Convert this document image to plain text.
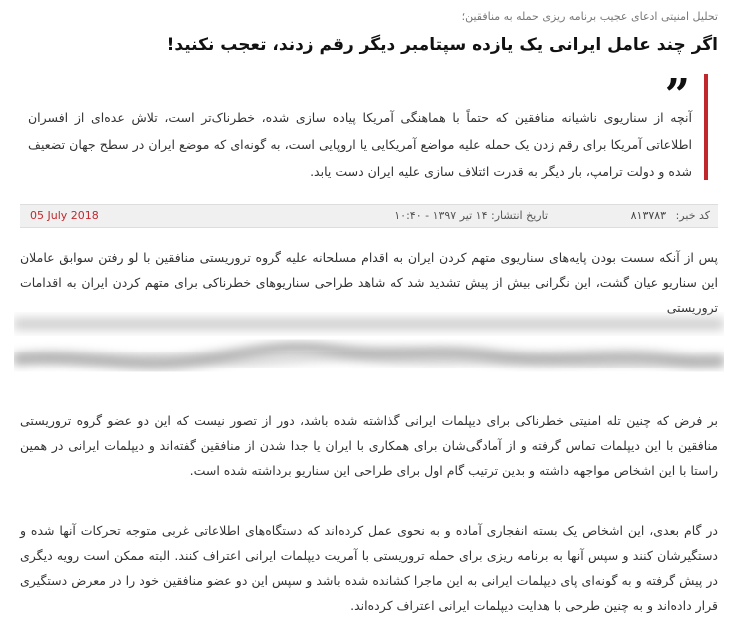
تحلیل امنیتی ادعای عجیب برنامه ریزی حمله به منافقین؛
اگر چند عامل ایرانی یک یازده سپتامبر دیگر رقم زدند، تعجب نکنید!
”
آنچه از سناریوی ناشیانه منافقین که حتماً با هماهنگی آمریکا پیاده سازی شده، خطرناک‌تر است، تلاش عده‌ای از افسران اطلاعاتی آمریکا برای رقم زدن یک حمله علیه مواضع آمریکایی یا اروپایی است، به گونه‌ای که موضع ایران در سطح جهان تضعیف شده و دولت ترامپ، بار دیگر به قدرت ائتلاف سازی علیه ایران دست یابد.
کد خبر: ۸۱۳۷۸۳
تاریخ انتشار: ۱۴ تیر ۱۳۹۷ - ۱۰:۴۰
05 July 2018
پس از آنکه سست بودن پایه‌های سناریوی متهم کردن ایران به اقدام مسلحانه علیه گروه تروریستی منافقین با لو رفتن سوابق عاملان این سناریو عیان گشت، این نگرانی بیش از پیش تشدید شد که شاهد طراحی سناریوهای خطرناکی برای متهم کردن ایران به اقدامات تروریستی
بر فرض که چنین تله امنیتی خطرناکی برای دیپلمات ایرانی گذاشته شده باشد، دور از تصور نیست که این دو عضو گروه تروریستی منافقین با این دیپلمات تماس گرفته و از آمادگی‌شان برای همکاری با ایران یا جدا شدن از منافقین گفته‌اند و دیپلمات ایرانی در همین راستا با این اشخاص مواجهه داشته و بدین ترتیب گام اول برای طراحی این سناریو برداشته شده است.
در گام بعدی، این اشخاص یک بسته انفجاری آماده و به نحوی عمل کرده‌اند که دستگاه‌های اطلاعاتی غربی متوجه تحرکات آنها شده و دستگیرشان کنند و سپس آنها به برنامه ریزی برای حمله تروریستی با آمریت دیپلمات ایرانی اعتراف کنند. البته ممکن است رویه دیگری در پیش گرفته و به گونه‌ای پای دیپلمات ایرانی به این ماجرا کشانده شده باشد و سپس این دو عضو منافقین خود را در معرض دستگیری قرار داده‌اند و به چنین طرحی با هدایت دیپلمات ایرانی اعتراف کرده‌اند.
